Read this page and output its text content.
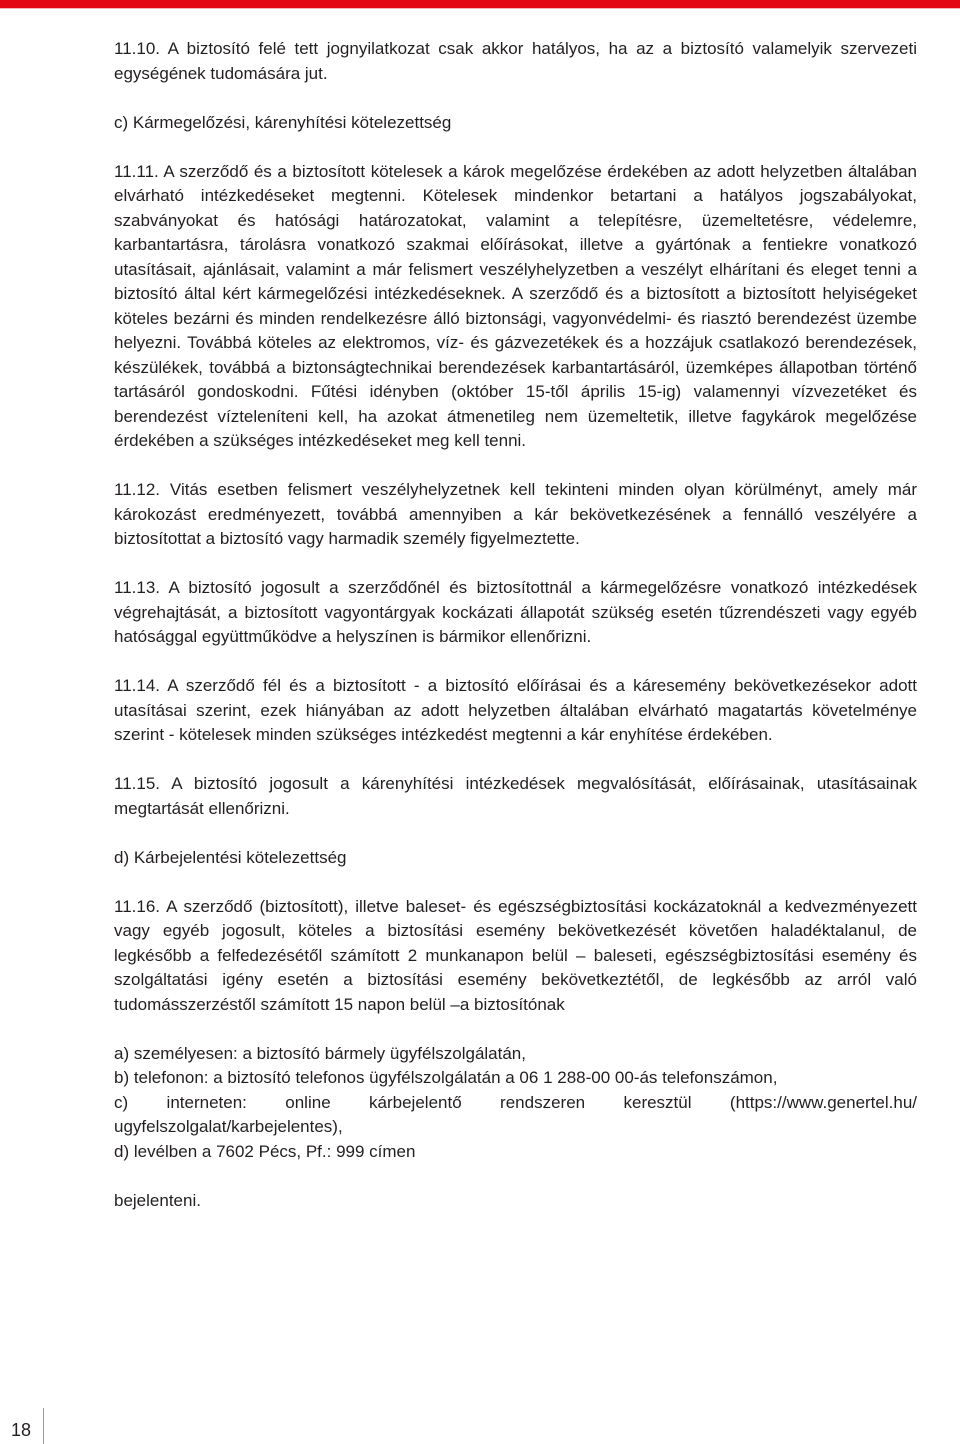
11.10. A biztosító felé tett jognyilatkozat csak akkor hatályos, ha az a biztosító valamelyik szervezeti egységének tudomására jut.

c) Kármegelőzési, kárenyhítési kötelezettség

11.11. A szerződő és a biztosított kötelesek a károk megelőzése érdekében az adott helyzetben általában elvárható intézkedéseket megtenni. Kötelesek mindenkor betartani a hatályos jogszabályokat, szabványokat és hatósági határozatokat, valamint a telepítésre, üzemeltetésre, védelemre, karbantartásra, tárolásra vonatkozó szakmai előírásokat, illetve a gyártónak a fentiekre vonatkozó utasításait, ajánlásait, valamint a már felismert veszélyhelyzetben a veszélyt elhárítani és eleget tenni a biztosító által kért kármegelőzési intézkedéseknek. A szerződő és a biztosított a biztosított helyiségeket köteles bezárni és minden rendelkezésre álló biztonsági, vagyonvédelmi- és riasztó berendezést üzembe helyezni. Továbbá köteles az elektromos, víz- és gázvezetékek és a hozzájuk csatlakozó berendezések, készülékek, továbbá a biztonságtechnikai berendezések karbantartásáról, üzemképes állapotban történő tartásáról gondoskodni. Fűtési idényben (október 15-től április 15-ig) valamennyi vízvezetéket és berendezést vízteleníteni kell, ha azokat átmenetileg nem üzemeltetik, illetve fagykárok megelőzése érdekében a szükséges intézkedéseket meg kell tenni.

11.12. Vitás esetben felismert veszélyhelyzetnek kell tekinteni minden olyan körülményt, amely már károkozást eredményezett, továbbá amennyiben a kár bekövetkezésének a fennálló veszélyére a biztosítottat a biztosító vagy harmadik személy figyelmeztette.

11.13. A biztosító jogosult a szerződőnél és biztosítottnál a kármegelőzésre vonatkozó intézkedések végrehajtását, a biztosított vagyontárgyak kockázati állapotát szükség esetén tűzrendészeti vagy egyéb hatósággal együttműködve a helyszínen is bármikor ellenőrizni.

11.14. A szerződő fél és a biztosított - a biztosító előírásai és a káresemény bekövetkezésekor adott utasításai szerint, ezek hiányában az adott helyzetben általában elvárható magatartás követelménye szerint - kötelesek minden szükséges intézkedést megtenni a kár enyhítése érdekében.

11.15. A biztosító jogosult a kárenyhítési intézkedések megvalósítását, előírásainak, utasításainak megtartását ellenőrizni.

d) Kárbejelentési kötelezettség

11.16. A szerződő (biztosított), illetve baleset- és egészségbiztosítási kockázatoknál a kedvezményezett vagy egyéb jogosult, köteles a biztosítási esemény bekövetkezését követően haladéktalanul, de legkésőbb a felfedezésétől számított 2 munkanapon belül – baleseti, egészségbiztosítási esemény és szolgáltatási igény esetén a biztosítási esemény bekövetkeztétől, de legkésőbb az arról való tudomásszerzéstől számított 15 napon belül –a biztosítónak

a) személyesen: a biztosító bármely ügyfélszolgálatán,

b) telefonon: a biztosító telefonos ügyfélszolgálatán a 06 1 288-00 00-ás telefonszámon,

c) interneten: online kárbejelentő rendszeren keresztül (https://www.genertel.hu/ ugyfelszolgalat/karbejelentes),

d) levélben a 7602 Pécs, Pf.: 999 címen

bejelenteni.

18
